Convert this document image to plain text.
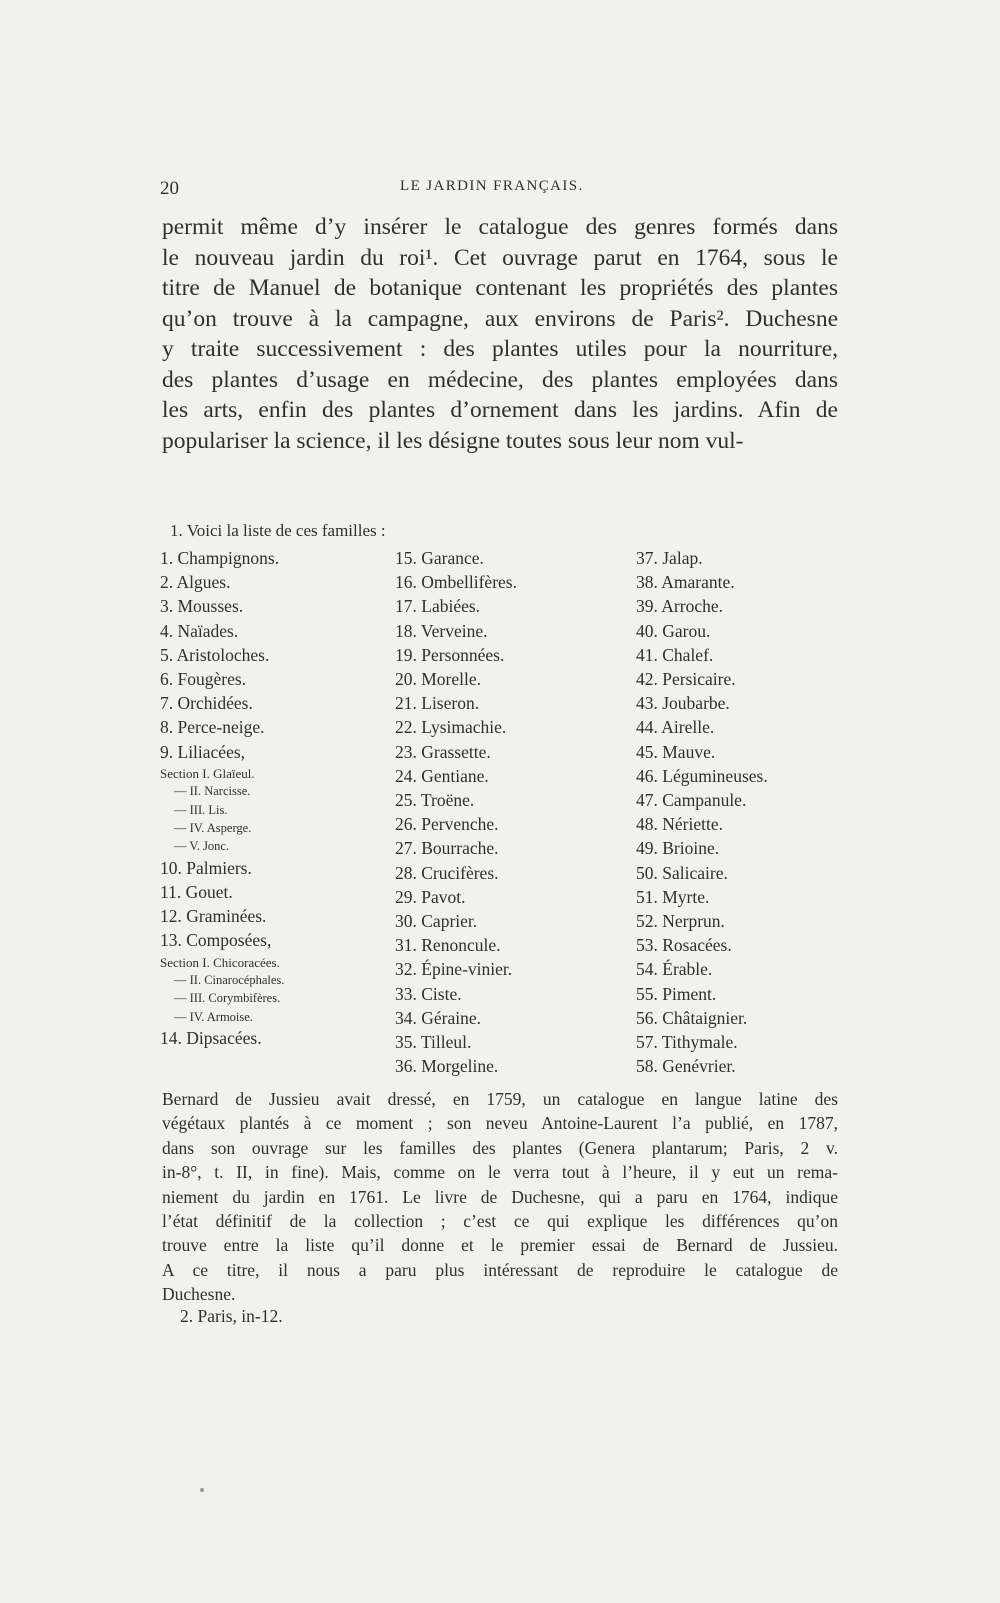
20	LE JARDIN FRANÇAIS.
permit même d’y insérer le catalogue des genres formés dans
le nouveau jardin du roi¹. Cet ouvrage parut en 1764, sous le
titre de Manuel de botanique contenant les propriétés des plantes
qu’on trouve à la campagne, aux environs de Paris². Duchesne
y traite successivement : des plantes utiles pour la nourriture,
des plantes d’usage en médecine, des plantes employées dans
les arts, enfin des plantes d’ornement dans les jardins. Afin de
populariser la science, il les désigne toutes sous leur nom vul-
1. Voici la liste de ces familles :
1. Champignons.
2. Algues.
3. Mousses.
4. Naïades.
5. Aristoloches.
6. Fougères.
7. Orchidées.
8. Perce-neige.
9. Liliacées,
Section I. Glaïeul.
— II. Narcisse.
— III. Lis.
— IV. Asperge.
— V. Jonc.
10. Palmiers.
11. Gouet.
12. Graminées.
13. Composées,
Section I. Chicoracées.
— II. Cinarocéphales.
— III. Corymbifères.
— IV. Armoise.
14. Dipsacées.
15. Garance.
16. Ombellifères.
17. Labiées.
18. Verveine.
19. Personnées.
20. Morelle.
21. Liseron.
22. Lysimachie.
23. Grassette.
24. Gentiane.
25. Troëne.
26. Pervenche.
27. Bourrache.
28. Crucifères.
29. Pavot.
30. Caprier.
31. Renoncule.
32. Épine-vinier.
33. Ciste.
34. Géraine.
35. Tilleul.
36. Morgeline.
37. Jalap.
38. Amarante.
39. Arroche.
40. Garou.
41. Chalef.
42. Persicaire.
43. Joubarbe.
44. Airelle.
45. Mauve.
46. Légumineuses.
47. Campanule.
48. Nériette.
49. Brioine.
50. Salicaire.
51. Myrte.
52. Nerprun.
53. Rosacées.
54. Érable.
55. Piment.
56. Châtaignier.
57. Tithymale.
58. Genévrier.
Bernard de Jussieu avait dressé, en 1759, un catalogue en langue latine des
végétaux plantés à ce moment ; son neveu Antoine-Laurent l’a publié, en 1787,
dans son ouvrage sur les familles des plantes (Genera plantarum; Paris, 2 v.
in-8°, t. II, in fine). Mais, comme on le verra tout à l’heure, il y eut un rema-
niement du jardin en 1761. Le livre de Duchesne, qui a paru en 1764, indique
l’état définitif de la collection ; c’est ce qui explique les différences qu’on
trouve entre la liste qu’il donne et le premier essai de Bernard de Jussieu.
A ce titre, il nous a paru plus intéressant de reproduire le catalogue de
Duchesne.
2. Paris, in-12.
